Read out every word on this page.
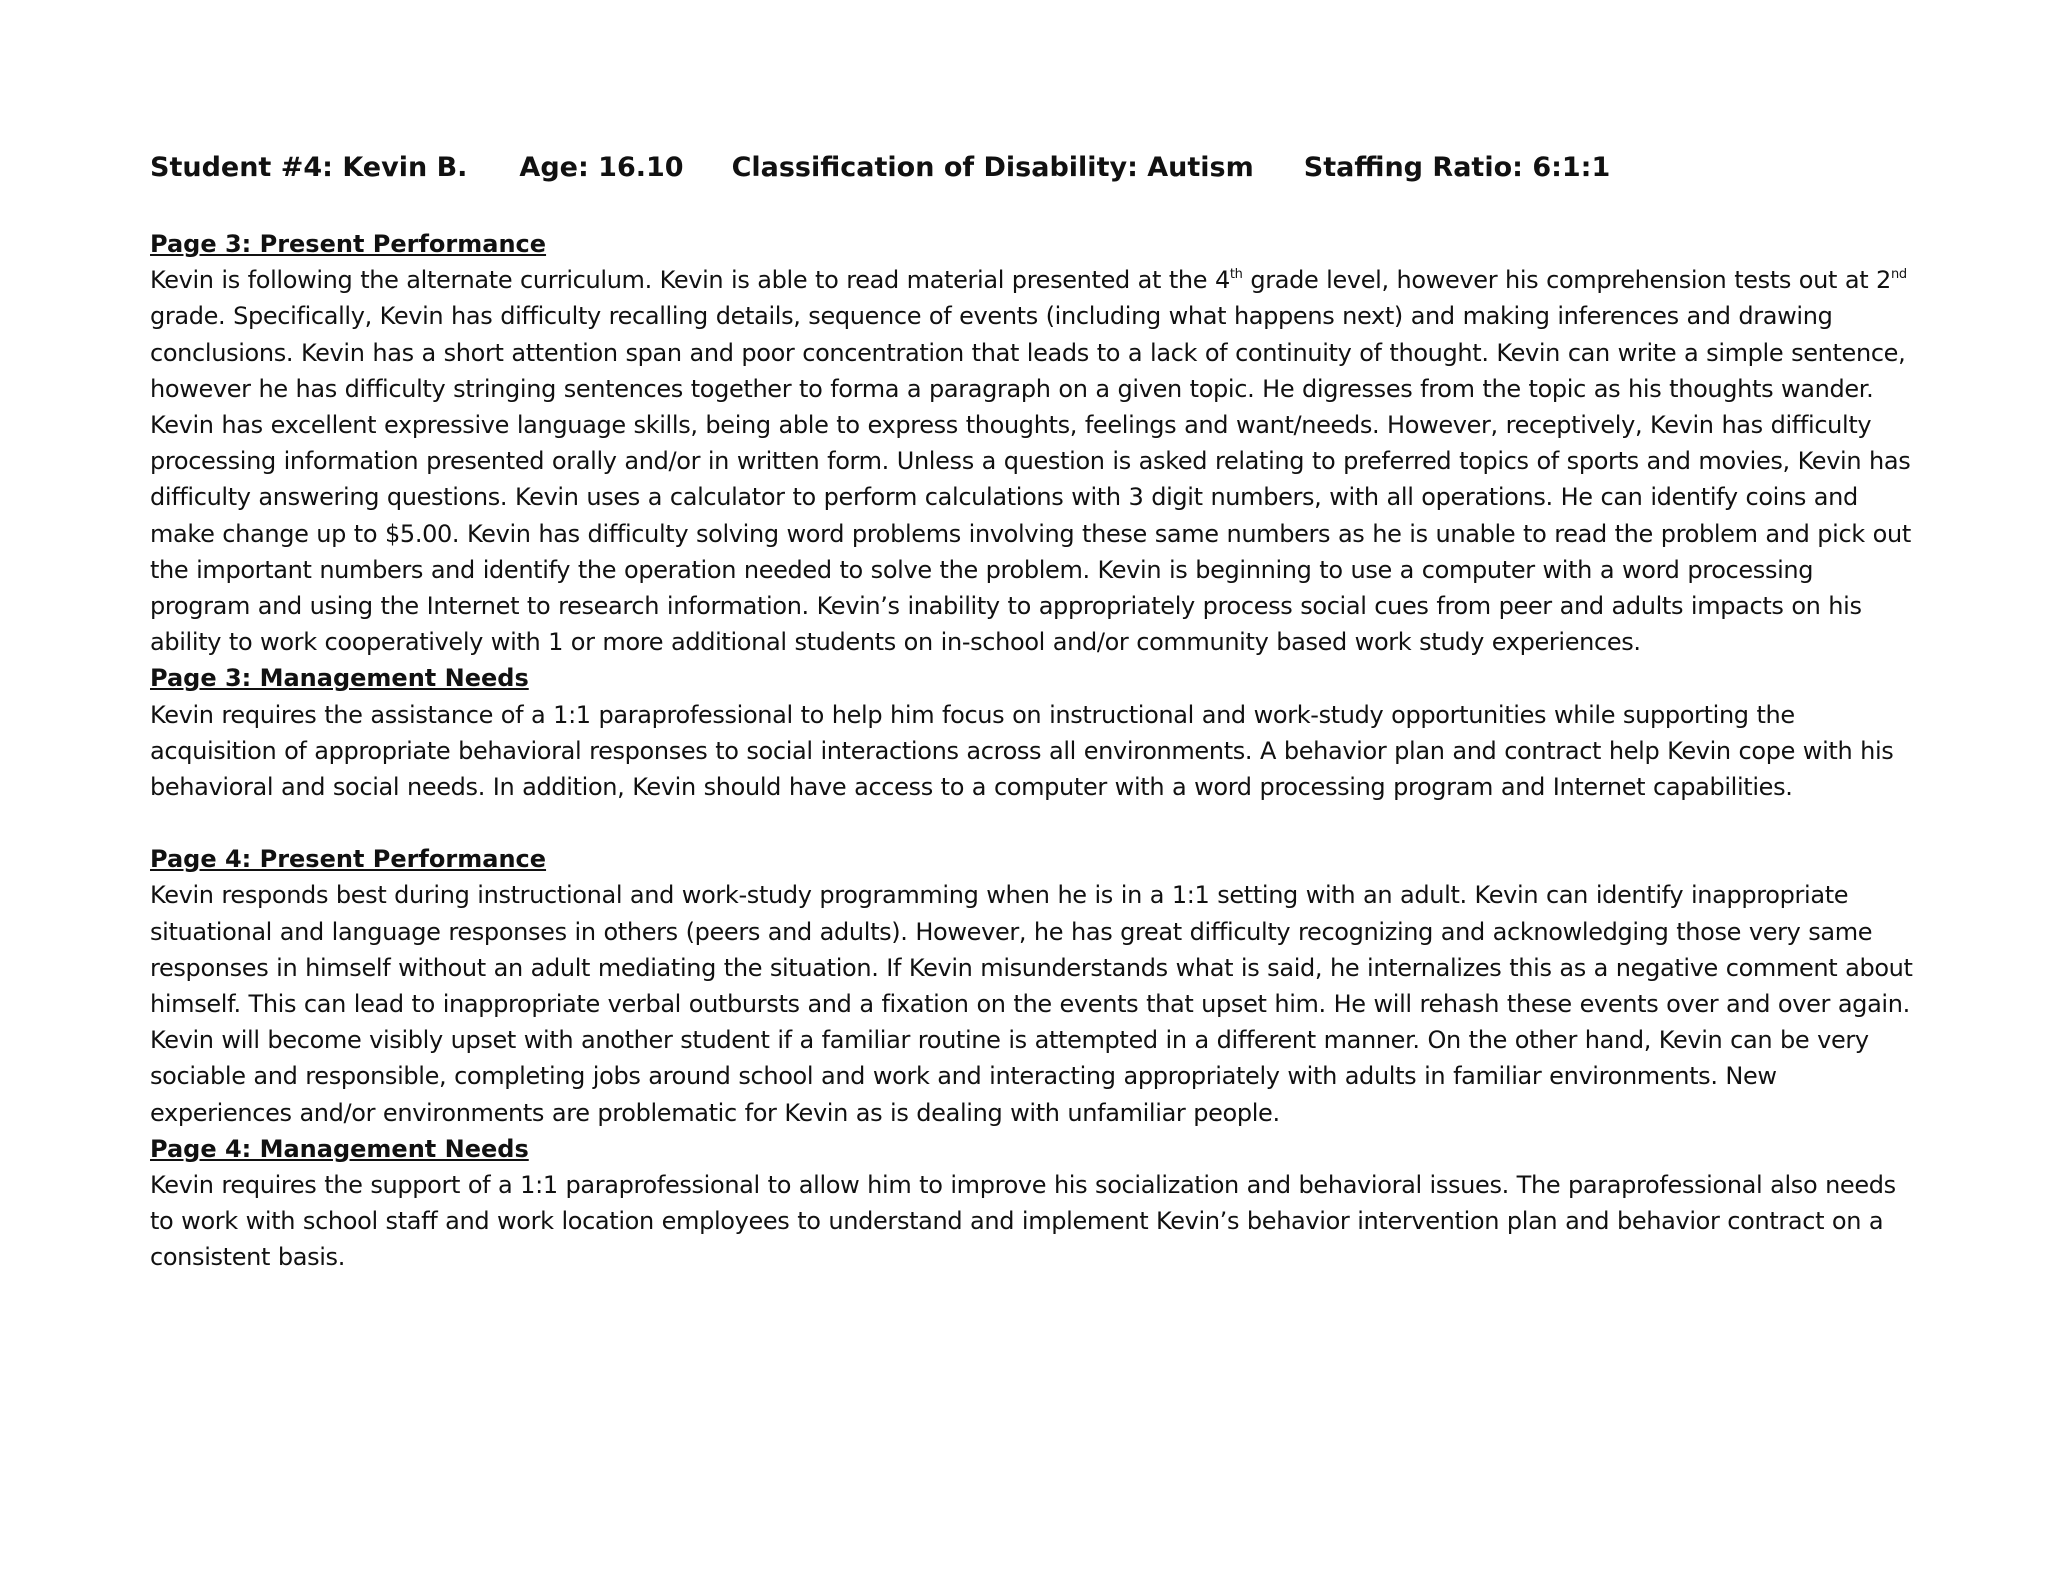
Student #4: Kevin B. Age: 16.10 Classification of Disability: Autism Staffing Ratio: 6:1:1

Page 3: Present Performance

Kevin is following the alternate curriculum. Kevin is able to read material presented at the 4th grade level, however his comprehension tests out at 2nd grade. Specifically, Kevin has difficulty recalling details, sequence of events (including what happens next) and making inferences and drawing conclusions. Kevin has a short attention span and poor concentration that leads to a lack of continuity of thought. Kevin can write a simple sentence, however he has difficulty stringing sentences together to forma a paragraph on a given topic. He digresses from the topic as his thoughts wander. Kevin has excellent expressive language skills, being able to express thoughts, feelings and want/needs. However, receptively, Kevin has difficulty processing information presented orally and/or in written form. Unless a question is asked relating to preferred topics of sports and movies, Kevin has difficulty answering questions. Kevin uses a calculator to perform calculations with 3 digit numbers, with all operations. He can identify coins and make change up to $5.00. Kevin has difficulty solving word problems involving these same numbers as he is unable to read the problem and pick out the important numbers and identify the operation needed to solve the problem. Kevin is beginning to use a computer with a word processing program and using the Internet to research information. Kevin’s inability to appropriately process social cues from peer and adults impacts on his ability to work cooperatively with 1 or more additional students on in-school and/or community based work study experiences.

Page 3: Management Needs

Kevin requires the assistance of a 1:1 paraprofessional to help him focus on instructional and work-study opportunities while supporting the acquisition of appropriate behavioral responses to social interactions across all environments. A behavior plan and contract help Kevin cope with his behavioral and social needs. In addition, Kevin should have access to a computer with a word processing program and Internet capabilities.

Page 4: Present Performance

Kevin responds best during instructional and work-study programming when he is in a 1:1 setting with an adult. Kevin can identify inappropriate situational and language responses in others (peers and adults). However, he has great difficulty recognizing and acknowledging those very same responses in himself without an adult mediating the situation. If Kevin misunderstands what is said, he internalizes this as a negative comment about himself. This can lead to inappropriate verbal outbursts and a fixation on the events that upset him. He will rehash these events over and over again. Kevin will become visibly upset with another student if a familiar routine is attempted in a different manner. On the other hand, Kevin can be very sociable and responsible, completing jobs around school and work and interacting appropriately with adults in familiar environments. New experiences and/or environments are problematic for Kevin as is dealing with unfamiliar people.

Page 4: Management Needs

Kevin requires the support of a 1:1 paraprofessional to allow him to improve his socialization and behavioral issues. The paraprofessional also needs to work with school staff and work location employees to understand and implement Kevin’s behavior intervention plan and behavior contract on a consistent basis.
